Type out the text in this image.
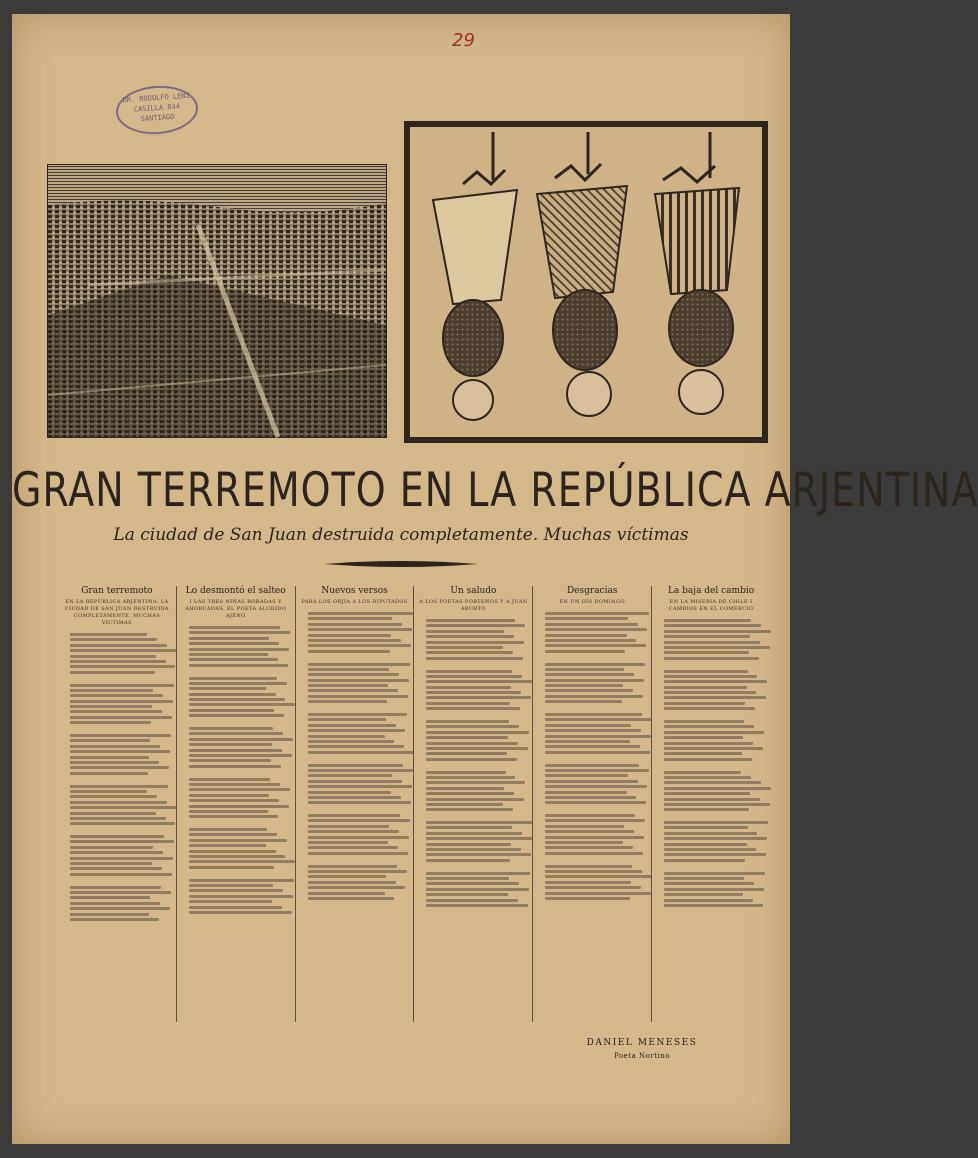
29
DR. RODOLFO LENZ
CASILLA 844
SANTIAGO
GRAN TERREMOTO EN LA REPÚBLICA ARJENTINA
La ciudad de San Juan destruida completamente. Muchas víctimas
Gran terremoto
EN LA REPÚBLICA ARJENTINA. LA CIUDAD DE SAN JUAN DESTRUIDA COMPLETAMENTE. MUCHAS VÍCTIMAS
Lo desmontó el salteo
I LAS TRES NIÑAS ROBADAS Y AHORCADAS. EL POETA ALUDIDO AJENO
Nuevos versos
PARA LOS ORJIA A LOS DIPUTADOS
Un saludo
A LOS POETAS PORTEÑOS Y A JUAN ABURTO
Desgracias
EN UN DÍA DOMINGO
La baja del cambio
EN LA MISERIA DE CHILE I CAMBIOS EN EL COMERCIO
DANIEL MENESES
Poeta Nortino
